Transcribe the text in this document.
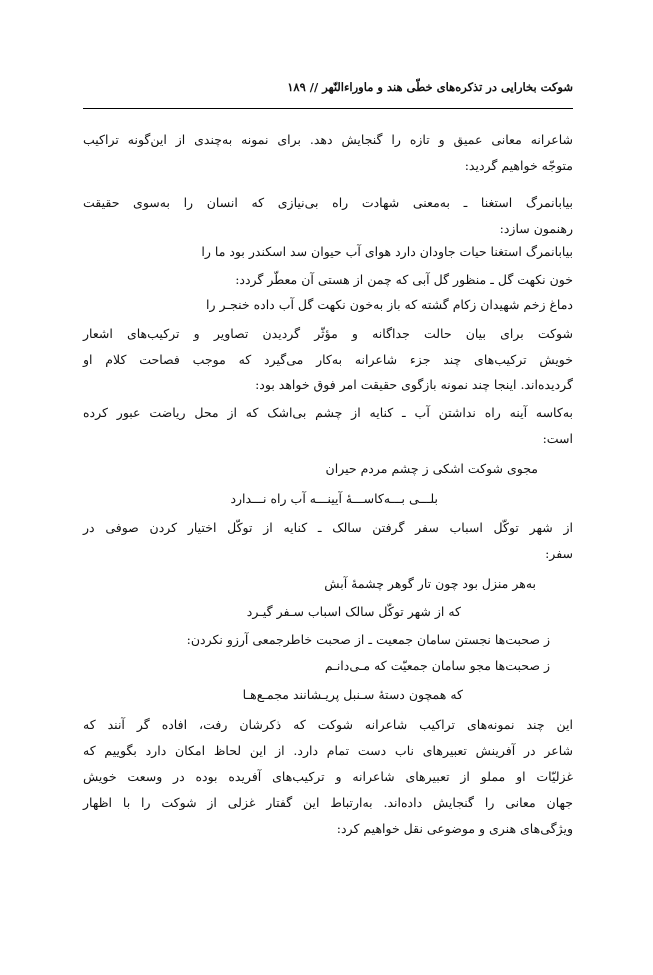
شوکت بخارایی در تذکره‌های خطّی هند و ماوراءالنّهر
// ۱۸۹
شاعرانه معانی عمیق و تازه را گنجایش دهد. برای نمونه به‌چندی از این‌گونه تراکیب
متوجّه خواهیم گردید:
بیابانمرگ استغنا ـ به‌معنی شهادت راه بی‌نیازی که انسان را به‌سوی حقیقت
رهنمون سازد:
بیابانمرگ استغنا حیات جاودان دارد هوای آب حیوان سد اسکندر بود ما را
خون نکهت گل ـ منظور گل آبی که چمن از هستی آن معطّر گردد:
دماغ زخم شهیدان زکام گشته که باز به‌خون نکهت گل آب داده خنجـر را
شوکت برای بیان حالت جداگانه و مؤثّر گردیدن تصاویر و ترکیب‌های اشعار
خویش ترکیب‌های چند جزء شاعرانه به‌کار می‌گیرد که موجب فصاحت کلام او
گردیده‌اند. اینجا چند نمونه بازگوی حقیقت امر فوق خواهد بود:
به‌کاسه آینه راه نداشتن آب ـ کنایه از چشم بی‌اشک که از محل ریاضت عبور کرده
است:
مجوی شوکت اشکی ز چشم مردم حیران
بلـــی بـــه‌کاســـهٔ آیینـــه آب راه نـــدارد
از شهر توکّل اسباب سفر گرفتن سالک ـ کنایه از توکّل اختیار کردن صوفی در
سفر:
به‌هر منزل بود چون تار گوهر چشمهٔ آبش
که از شهر توکّل سالک اسباب سـفر گیـرد
ز صحبت‌ها نجستن سامان جمعیت ـ از صحبت خاطرجمعی آرزو نکردن:
ز صحبت‌ها مجو سامان جمعیّت که مـی‌دانـم
که همچون دستهٔ سـنبل پریـشانند مجمـع‌هـا
این چند نمونه‌های تراکیب شاعرانه شوکت که ذکرشان رفت، افاده گر آنند که
شاعر در آفرینش تعبیرهای ناب دست تمام دارد. از این لحاظ امکان دارد بگوییم که
غزلیّات او مملو از تعبیرهای شاعرانه و ترکیب‌های آفریده بوده در وسعت خویش
جهان معانی را گنجایش داده‌اند. به‌ارتباط این گفتار غزلی از شوکت را با اظهار
ویژگی‌های هنری و موضوعی نقل خواهیم کرد:
